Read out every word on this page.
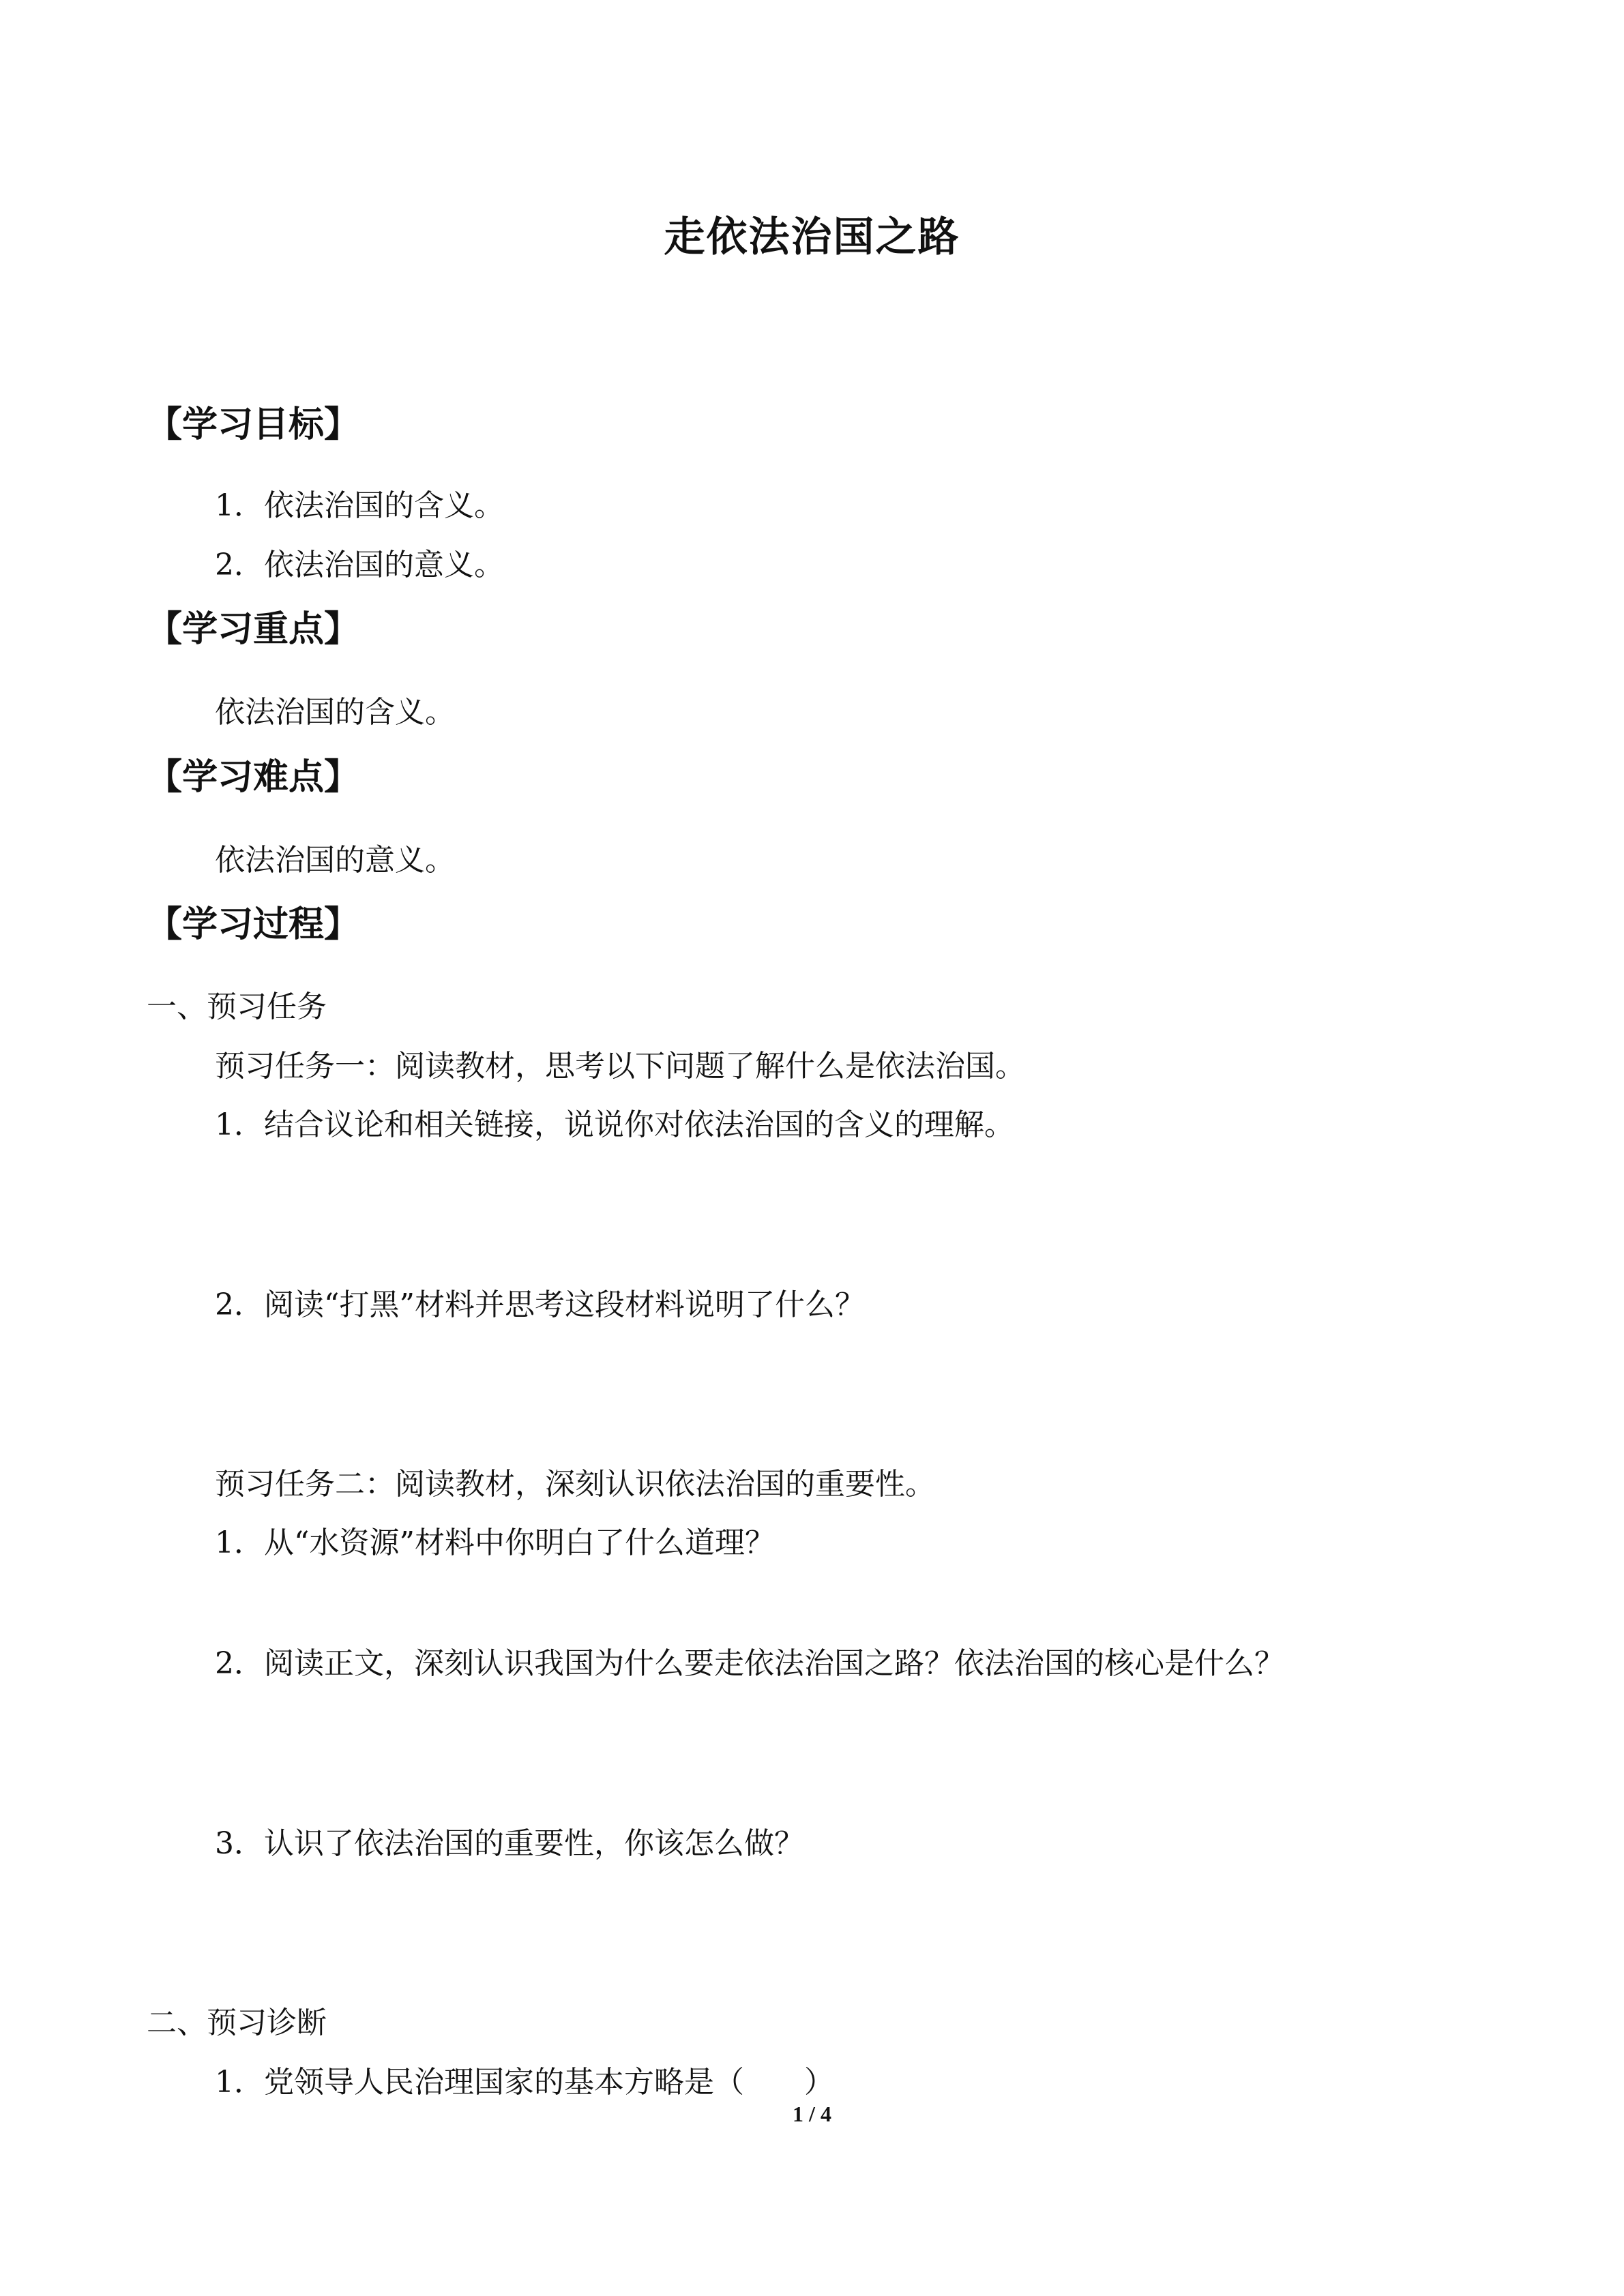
走依法治国之路
【学习目标】
1．依法治国的含义。
2．依法治国的意义。
【学习重点】
依法治国的含义。
【学习难点】
依法治国的意义。
【学习过程】
一、预习任务
预习任务一：阅读教材，思考以下问题了解什么是依法治国。
1．结合议论和相关链接，说说你对依法治国的含义的理解。
2．阅读“打黑”材料并思考这段材料说明了什么？
预习任务二：阅读教材，深刻认识依法治国的重要性。
1．从“水资源”材料中你明白了什么道理？
2．阅读正文，深刻认识我国为什么要走依法治国之路？依法治国的核心是什么？
3．认识了依法治国的重要性，你该怎么做？
二、预习诊断
1．党领导人民治理国家的基本方略是（　　）
1 / 4
